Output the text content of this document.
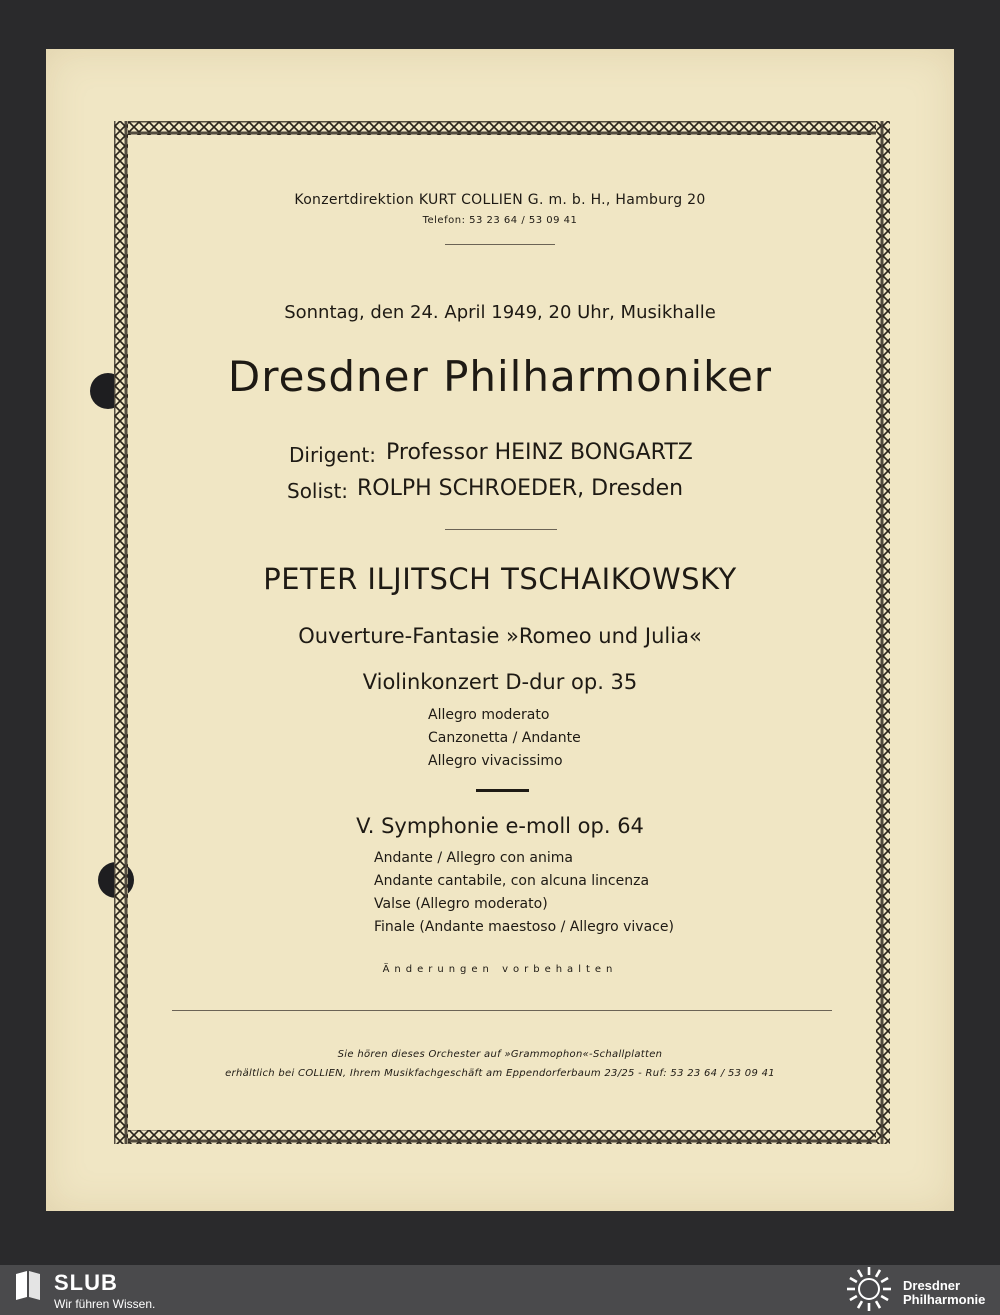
Konzertdirektion KURT COLLIEN G. m. b. H., Hamburg 20
Telefon: 53 23 64 / 53 09 41
Sonntag, den 24. April 1949, 20 Uhr, Musikhalle
Dresdner Philharmoniker
Dirigent: Professor HEINZ BONGARTZ
Solist: ROLPH SCHROEDER, Dresden
PETER ILJITSCH TSCHAIKOWSKY
Ouverture-Fantasie »Romeo und Julia«
Violinkonzert D-dur op. 35
Allegro moderato
Canzonetta / Andante
Allegro vivacissimo
V. Symphonie e-moll op. 64
Andante / Allegro con anima
Andante cantabile, con alcuna lincenza
Valse (Allegro moderato)
Finale (Andante maestoso / Allegro vivace)
Änderungen vorbehalten
Sie hören dieses Orchester auf »Grammophon«-Schallplatten
erhältlich bei COLLIEN, Ihrem Musikfachgeschäft am Eppendorferbaum 23/25 - Ruf: 53 23 64 / 53 09 41
SLUB
Wir führen Wissen.
Dresdner
Philharmonie
